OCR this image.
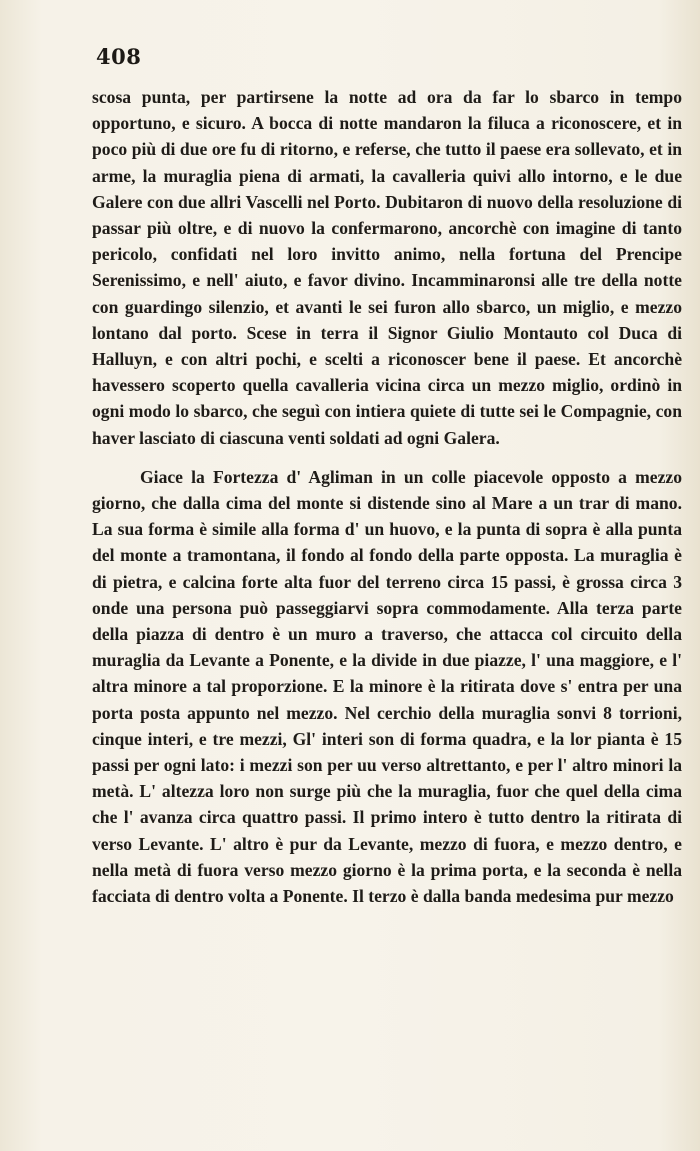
408

scosa punta, per partirsene la notte ad ora da far lo sbarco in tempo opportuno, e sicuro. A bocca di notte mandaron la filuca a riconoscere, et in poco più di due ore fu di ritorno, e referse, che tutto il paese era sollevato, et in arme, la muraglia piena di armati, la cavalleria quivi allo intorno, e le due Galere con due allri Vascelli nel Porto. Dubitaron di nuovo della resoluzione di passar più oltre, e di nuovo la confermarono, ancorchè con imagine di tanto pericolo, confidati nel loro invitto animo, nella fortuna del Prencipe Serenissimo, e nell' aiuto, e favor divino. Incamminaronsi alle tre della notte con guardingo silenzio, et avanti le sei furon allo sbarco, un miglio, e mezzo lontano dal porto. Scese in terra il Signor Giulio Montauto col Duca di Halluyn, e con altri pochi, e scelti a riconoscer bene il paese. Et ancorchè havessero scoperto quella cavalleria vicina circa un mezzo miglio, ordinò in ogni modo lo sbarco, che seguì con intiera quiete di tutte sei le Compagnie, con haver lasciato di ciascuna venti soldati ad ogni Galera.

Giace la Fortezza d' Agliman in un colle piacevole opposto a mezzo giorno, che dalla cima del monte si distende sino al Mare a un trar di mano. La sua forma è simile alla forma d' un huovo, e la punta di sopra è alla punta del monte a tramontana, il fondo al fondo della parte opposta. La muraglia è di pietra, e calcina forte alta fuor del terreno circa 15 passi, è grossa circa 3 onde una persona può passeggiarvi sopra commodamente. Alla terza parte della piazza di dentro è un muro a traverso, che attacca col circuito della muraglia da Levante a Ponente, e la divide in due piazze, l' una maggiore, e l' altra minore a tal proporzione. E la minore è la ritirata dove s' entra per una porta posta appunto nel mezzo. Nel cerchio della muraglia sonvi 8 torrioni, cinque interi, e tre mezzi, Gl' interi son di forma quadra, e la lor pianta è 15 passi per ogni lato: i mezzi son per uu verso altrettanto, e per l' altro minori la metà. L' altezza loro non surge più che la muraglia, fuor che quel della cima che l' avanza circa quattro passi. Il primo intero è tutto dentro la ritirata di verso Levante. L' altro è pur da Levante, mezzo di fuora, e mezzo dentro, e nella metà di fuora verso mezzo giorno è la prima porta, e la seconda è nella facciata di dentro volta a Ponente. Il terzo è dalla banda medesima pur mezzo
